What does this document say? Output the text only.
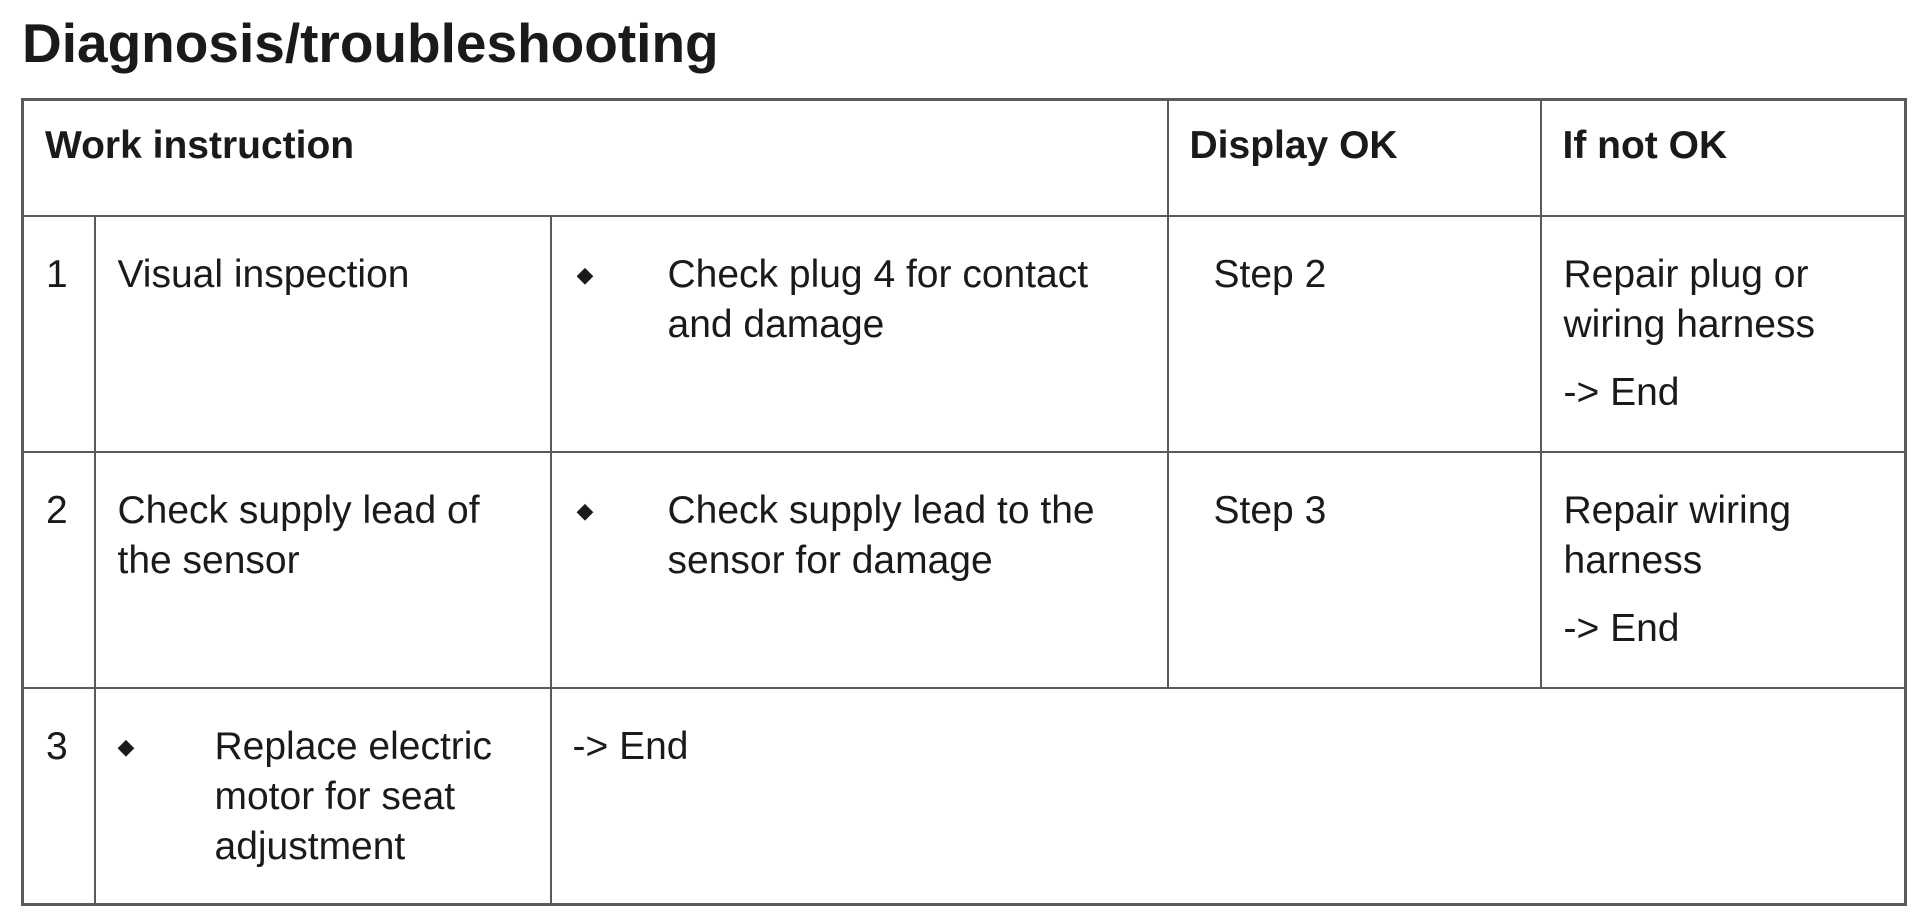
Diagnosis/troubleshooting
Work instruction			Display OK	If not OK
1	Visual inspection	◆ Check plug 4 for contact and damage	Step 2	Repair plug or wiring harness
-> End

2	Check supply lead of the sensor	◆ Check supply lead to the sensor for damage	Step 3	Repair wiring harness
-> End

3	◆ Replace electric motor for seat adjustment	-> End		
